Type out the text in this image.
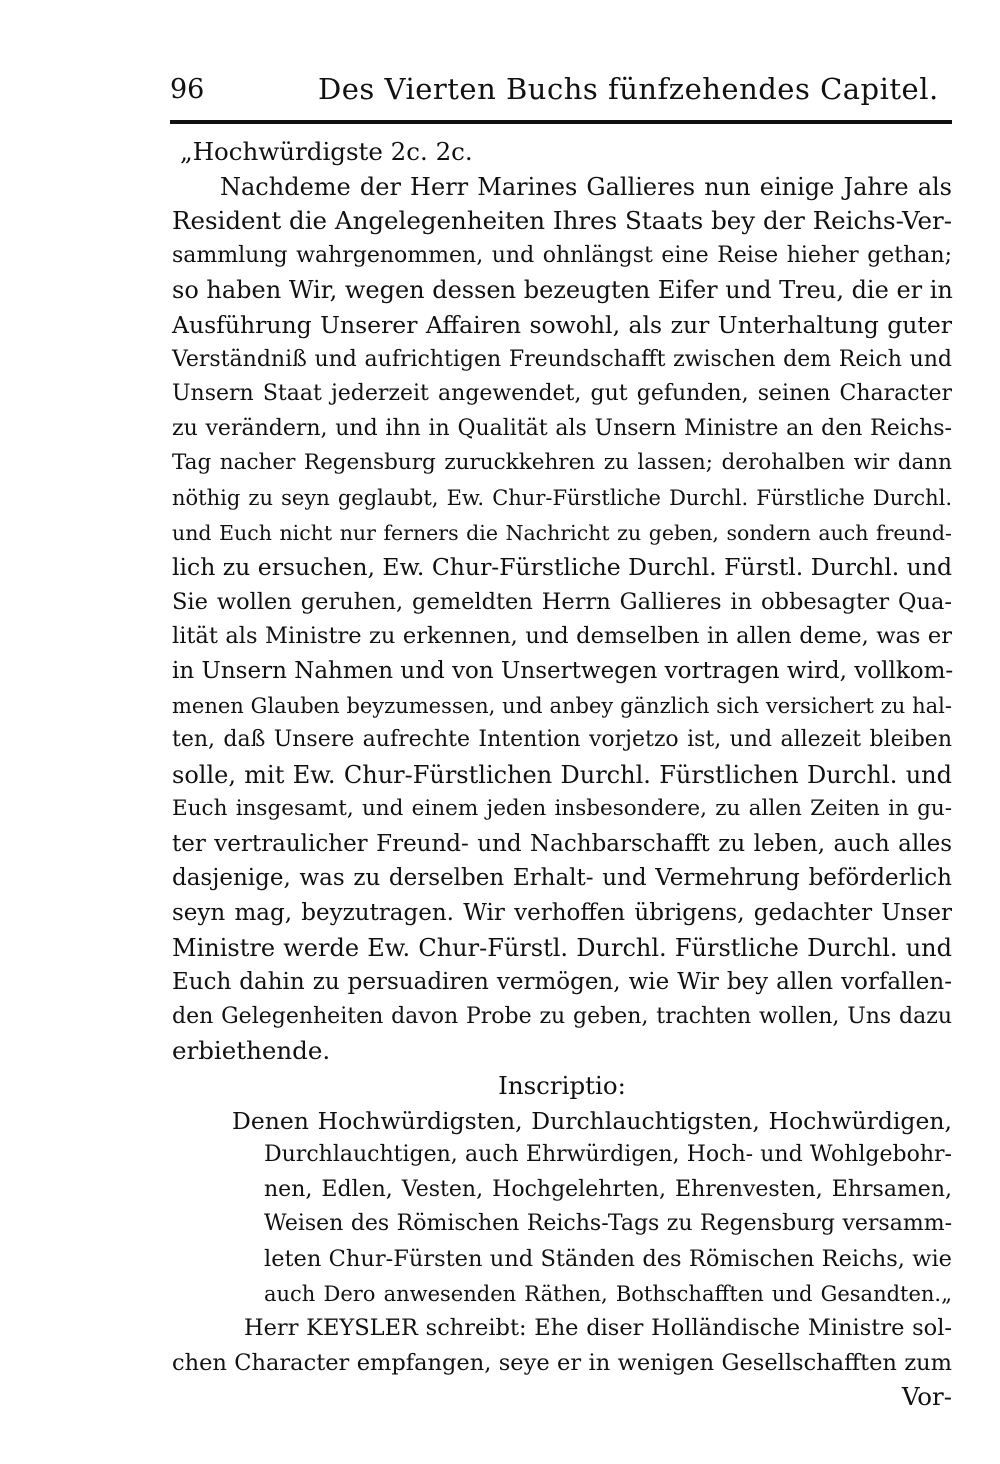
96	Des Vierten Buchs fünfzehendes Capitel.
„Hochwürdigste 2c. 2c.
Nachdeme der Herr Marines Gallieres nun einige Jahre als
Resident die Angelegenheiten Ihres Staats bey der Reichs-Ver-
sammlung wahrgenommen, und ohnlängst eine Reise hieher gethan;
so haben Wir, wegen dessen bezeugten Eifer und Treu, die er in
Ausführung Unserer Affairen sowohl, als zur Unterhaltung guter
Verständniß und aufrichtigen Freundschafft zwischen dem Reich und
Unsern Staat jederzeit angewendet, gut gefunden, seinen Character
zu verändern, und ihn in Qualität als Unsern Ministre an den Reichs-
Tag nacher Regensburg zuruckkehren zu lassen; derohalben wir dann
nöthig zu seyn geglaubt, Ew. Chur-Fürstliche Durchl. Fürstliche Durchl.
und Euch nicht nur ferners die Nachricht zu geben, sondern auch freund-
lich zu ersuchen, Ew. Chur-Fürstliche Durchl. Fürstl. Durchl. und
Sie wollen geruhen, gemeldten Herrn Gallieres in obbesagter Qua-
lität als Ministre zu erkennen, und demselben in allen deme, was er
in Unsern Nahmen und von Unsertwegen vortragen wird, vollkom-
menen Glauben beyzumessen, und anbey gänzlich sich versichert zu hal-
ten, daß Unsere aufrechte Intention vorjetzo ist, und allezeit bleiben
solle, mit Ew. Chur-Fürstlichen Durchl. Fürstlichen Durchl. und
Euch insgesamt, und einem jeden insbesondere, zu allen Zeiten in gu-
ter vertraulicher Freund- und Nachbarschafft zu leben, auch alles
dasjenige, was zu derselben Erhalt- und Vermehrung beförderlich
seyn mag, beyzutragen. Wir verhoffen übrigens, gedachter Unser
Ministre werde Ew. Chur-Fürstl. Durchl. Fürstliche Durchl. und
Euch dahin zu persuadiren vermögen, wie Wir bey allen vorfallen-
den Gelegenheiten davon Probe zu geben, trachten wollen, Uns dazu
erbiethende.
Inscriptio:
Denen Hochwürdigsten, Durchlauchtigsten, Hochwürdigen,
Durchlauchtigen, auch Ehrwürdigen, Hoch- und Wohlgebohr-
nen, Edlen, Vesten, Hochgelehrten, Ehrenvesten, Ehrsamen,
Weisen des Römischen Reichs-Tags zu Regensburg versamm-
leten Chur-Fürsten und Ständen des Römischen Reichs, wie
auch Dero anwesenden Räthen, Bothschafften und Gesandten.„
Herr KEYSLER schreibt: Ehe diser Holländische Ministre sol-
chen Character empfangen, seye er in wenigen Gesellschafften zum
Vor-
